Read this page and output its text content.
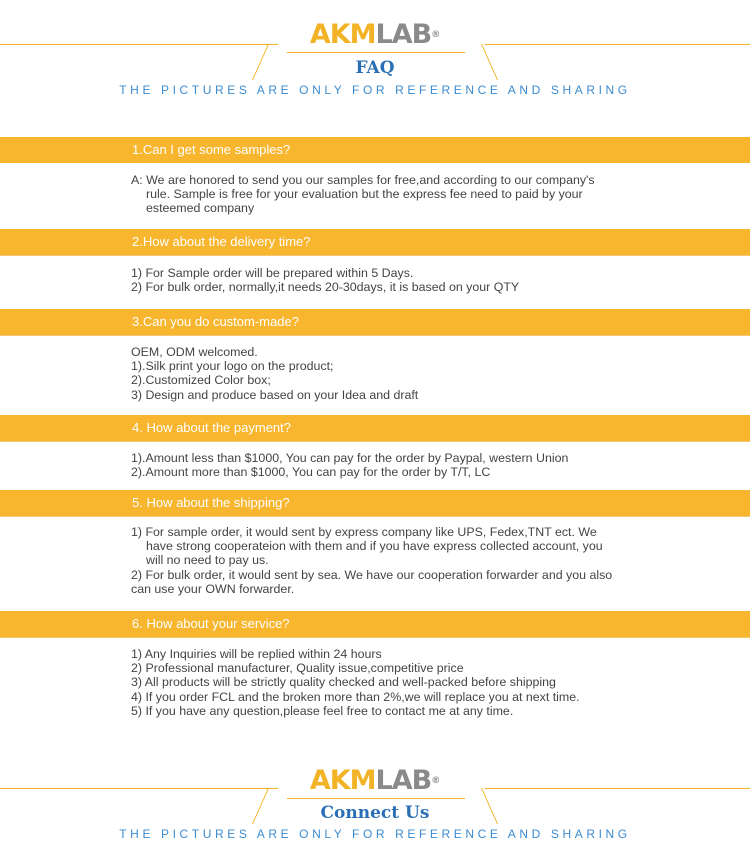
AKMLAB®
FAQ
THE PICTURES ARE ONLY FOR REFERENCE AND SHARING
1.Can I get some samples?
A: We are honored to send you our samples for free,and according to our company's
rule. Sample is free for your evaluation but the express fee need to paid by your
esteemed company
2.How about the delivery time?
1) For Sample order will be prepared within 5 Days.
2) For bulk order, normally,it needs 20-30days, it is based on your QTY
3.Can you do custom-made?
OEM, ODM welcomed.
1).Silk print your logo on the product;
2).Customized Color box;
3) Design and produce based on your Idea and draft
4. How about the payment?
1).Amount less than $1000, You can pay for the order by Paypal, western Union
2).Amount more than $1000, You can pay for the order by T/T, LC
5. How about the shipping?
1) For sample order, it would sent by express company like UPS, Fedex,TNT ect. We
have strong cooperateion with them and if you have express collected account, you
will no need to pay us.
2) For bulk order, it would sent by sea. We have our cooperation forwarder and you also
can use your OWN forwarder.
6. How about your service?
1) Any Inquiries will be replied within 24 hours
2) Professional manufacturer, Quality issue,competitive price
3) All products will be strictly quality checked and well-packed before shipping
4) If you order FCL and the broken more than 2%,we will replace you at next time.
5) If you have any question,please feel free to contact me at any time.
AKMLAB®
Connect Us
THE PICTURES ARE ONLY FOR REFERENCE AND SHARING
